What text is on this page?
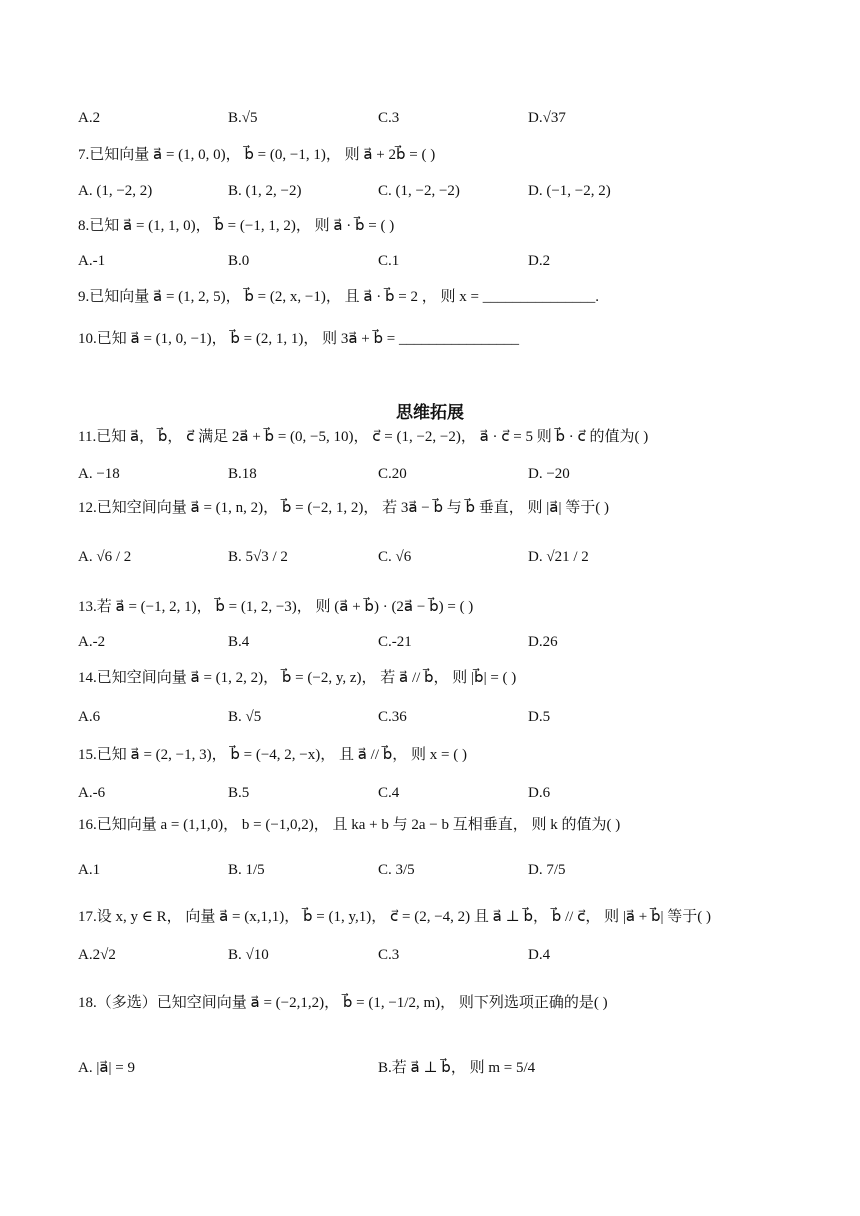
A.2	B.√5	C.3	D.√37
7.已知向量 a⃗ = (1, 0, 0)， b⃗ = (0, −1, 1)， 则 a⃗ + 2b⃗ = ( )
A. (1, −2, 2)	B. (1, 2, −2)	C. (1, −2, −2)	D. (−1, −2, 2)
8.已知 a⃗ = (1, 1, 0)， b⃗ = (−1, 1, 2)， 则 a⃗ · b⃗ = ( )
A.-1	B.0	C.1	D.2
9.已知向量 a⃗ = (1, 2, 5)， b⃗ = (2, x, −1)， 且 a⃗ · b⃗ = 2 ， 则 x = _______________.
10.已知 a⃗ = (1, 0, −1)， b⃗ = (2, 1, 1)， 则 3a⃗ + b⃗ = ________________
思维拓展
11.已知 a⃗， b⃗， c⃗ 满足 2a⃗ + b⃗ = (0, −5, 10)， c⃗ = (1, −2, −2)， a⃗ · c⃗ = 5 则 b⃗ · c⃗ 的值为( )
A. −18	B.18	C.20	D. −20
12.已知空间向量 a⃗ = (1, n, 2)， b⃗ = (−2, 1, 2)， 若 3a⃗ − b⃗ 与 b⃗ 垂直， 则 |a⃗| 等于( )
A. √6 / 2	B. 5√3 / 2	C. √6	D. √21 / 2
13.若 a⃗ = (−1, 2, 1)， b⃗ = (1, 2, −3)， 则 (a⃗ + b⃗) · (2a⃗ − b⃗) = ( )
A.-2	B.4	C.-21	D.26
14.已知空间向量 a⃗ = (1, 2, 2)， b⃗ = (−2, y, z)， 若 a⃗ // b⃗， 则 |b⃗| = ( )
A.6	B. √5	C.36	D.5
15.已知 a⃗ = (2, −1, 3)， b⃗ = (−4, 2, −x)， 且 a⃗ // b⃗， 则 x = ( )
A.-6	B.5	C.4	D.6
16.已知向量 a = (1,1,0)， b = (−1,0,2)， 且 ka + b 与 2a − b 互相垂直， 则 k 的值为( )
A.1	B. 1/5	C. 3/5	D. 7/5
17.设 x, y ∈ R， 向量 a⃗ = (x,1,1)， b⃗ = (1, y,1)， c⃗ = (2, −4, 2) 且 a⃗ ⊥ b⃗， b⃗ // c⃗， 则 |a⃗ + b⃗| 等于( )
A.2√2	B. √10	C.3	D.4
18.（多选）已知空间向量 a⃗ = (−2,1,2)， b⃗ = (1, −1/2, m)， 则下列选项正确的是( )
A. |a⃗| = 9	B.若 a⃗ ⊥ b⃗， 则 m = 5/4
